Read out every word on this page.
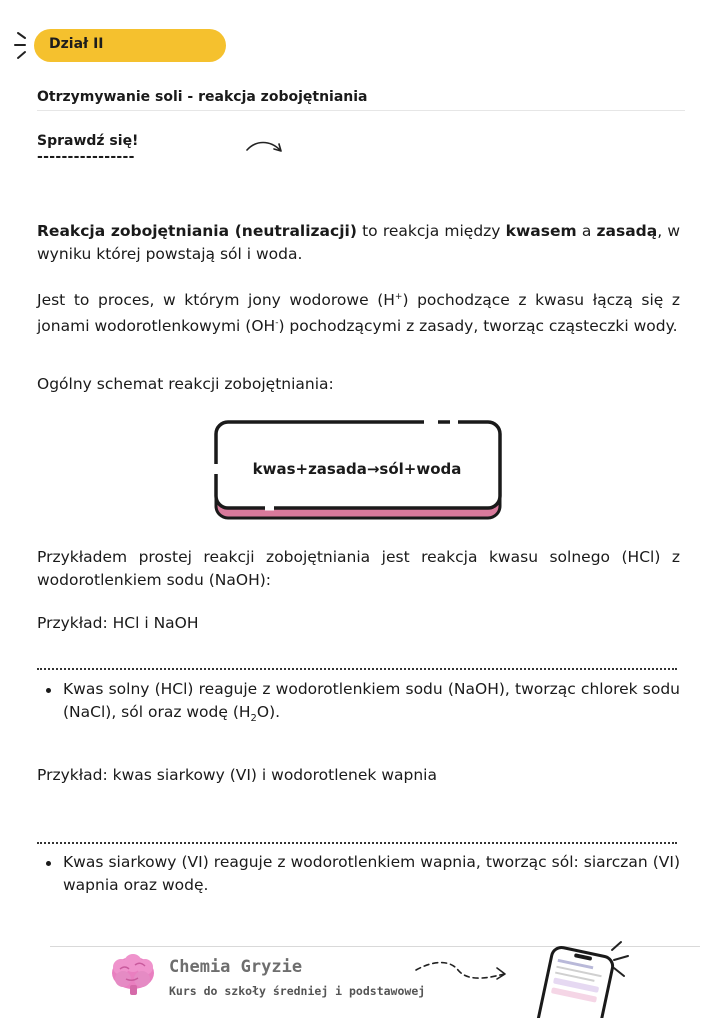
Dział II
Otrzymywanie soli - reakcja zobojętniania
Sprawdź się!
----------------
Reakcja zobojętniania (neutralizacji) to reakcja między kwasem a zasadą, w wyniku której powstają sól i woda.
Jest to proces, w którym jony wodorowe (H+) pochodzące z kwasu łączą się z jonami wodorotlenkowymi (OH-) pochodzącymi z zasady, tworząc cząsteczki wody.
Ogólny schemat reakcji zobojętniania:
kwas+zasada→sól+woda
Przykładem prostej reakcji zobojętniania jest reakcja kwasu solnego (HCl) z wodorotlenkiem sodu (NaOH):
Przykład: HCl i NaOH
Kwas solny (HCl) reaguje z wodorotlenkiem sodu (NaOH), tworząc chlorek sodu (NaCl), sól oraz wodę $(H_2O)$.
Przykład: kwas siarkowy (VI) i wodorotlenek wapnia
Kwas siarkowy (VI) reaguje z wodorotlenkiem wapnia, tworząc sól: siarczan (VI) wapnia oraz wodę.
Chemia Gryzie
Kurs do szkoły średniej i podstawowej
